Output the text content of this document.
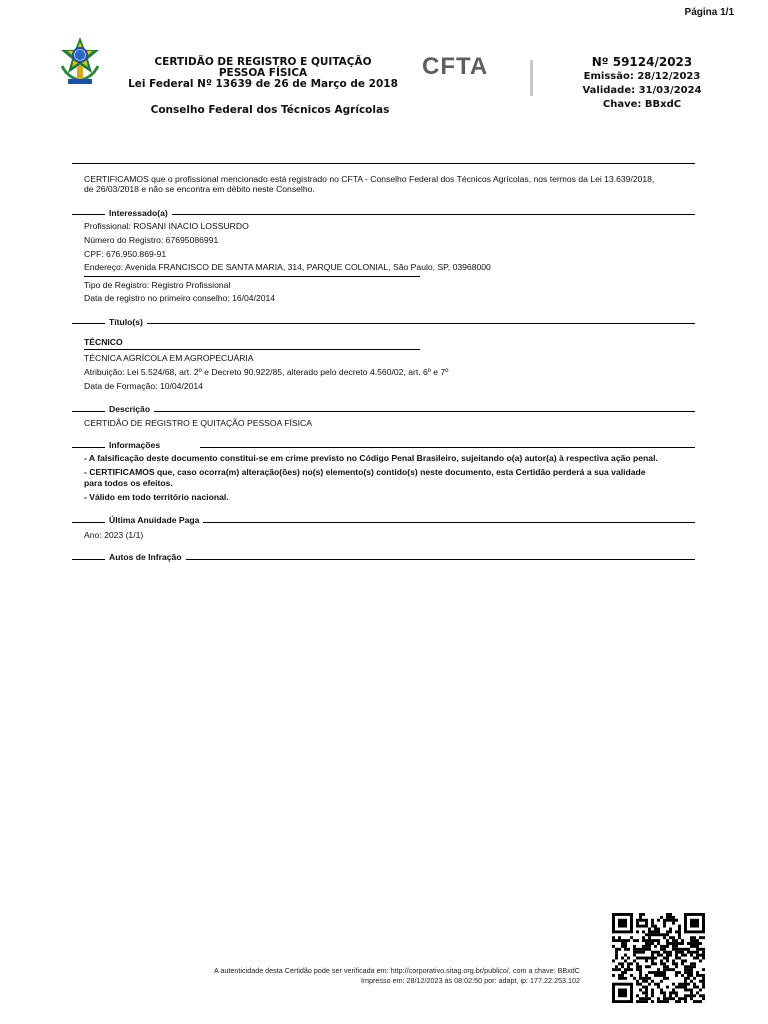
Página 1/1
CERTIDÃO DE REGISTRO E QUITAÇÃO
PESSOA FÍSICA
Lei Federal Nº 13639 de 26 de Março de 2018
Conselho Federal dos Técnicos Agrícolas
CFTA	Nº 59124/2023
Emissão: 28/12/2023
Validade: 31/03/2024
Chave: BBxdC
CERTIFICAMOS que o profissional mencionado está registrado no CFTA - Conselho Federal dos Técnicos Agrícolas, nos termos da Lei 13.639/2018,
de 26/03/2018 e não se encontra em débito neste Conselho.
Interessado(a)
Profissional: ROSANI INACIO LOSSURDO
Número do Registro: 67695086991
CPF: 676.950.869-91
Endereço: Avenida FRANCISCO DE SANTA MARIA, 314, PARQUE COLONIAL, São Paulo, SP, 03968000
Tipo de Registro: Registro Profissional
Data de registro no primeiro conselho: 16/04/2014
Título(s)
TÉCNICO
TÉCNICA AGRÍCOLA EM AGROPECUÁRIA
Atribuição: Lei 5.524/68, art. 2º e Decreto 90.922/85, alterado pelo decreto 4.560/02, art. 6º e 7º
Data de Formação: 10/04/2014
Descrição
CERTIDÃO DE REGISTRO E QUITAÇÃO PESSOA FÍSICA
Informações
- A falsificação deste documento constitui-se em crime previsto no Código Penal Brasileiro, sujeitando o(a) autor(a) à respectiva ação penal.
- CERTIFICAMOS que, caso ocorra(m) alteração(ões) no(s) elemento(s) contido(s) neste documento, esta Certidão perderá a sua validade
para todos os efeitos.
- Válido em todo território nacional.
Última Anuidade Paga
Ano: 2023 (1/1)
Autos de Infração
A autenticidade desta Certidão pode ser verificada em: http://corporativo.sitag.org.br/publico/, com a chave: BBxdC
Impresso em: 28/12/2023 às 08:02:50 por: adapt, ip: 177.22.253.102
